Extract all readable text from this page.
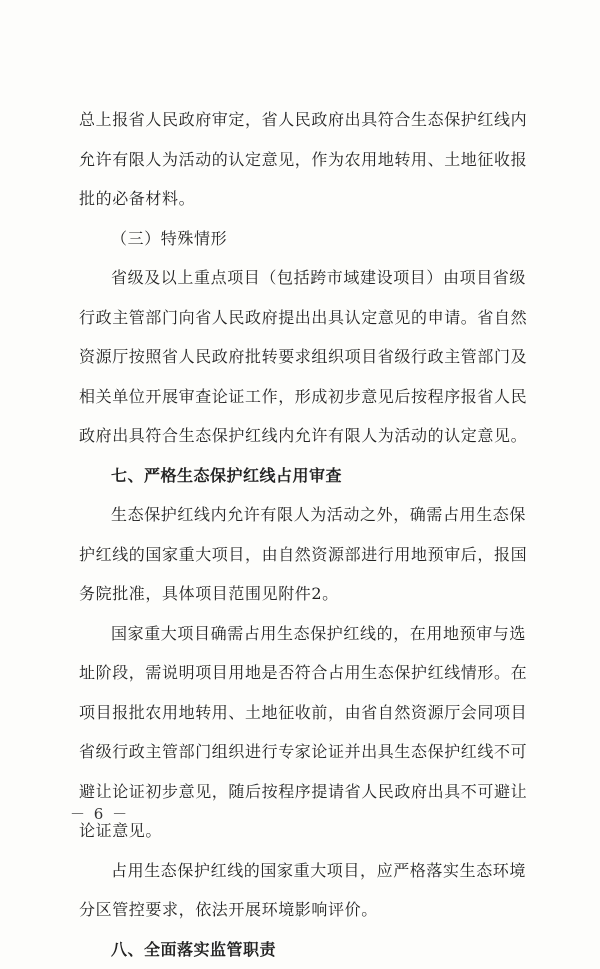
总上报省人民政府审定，省人民政府出具符合生态保护红线内
允许有限人为活动的认定意见，作为农用地转用、土地征收报
批的必备材料。
（三）特殊情形
省级及以上重点项目（包括跨市域建设项目）由项目省级
行政主管部门向省人民政府提出出具认定意见的申请。省自然
资源厅按照省人民政府批转要求组织项目省级行政主管部门及
相关单位开展审查论证工作，形成初步意见后按程序报省人民
政府出具符合生态保护红线内允许有限人为活动的认定意见。
七、严格生态保护红线占用审查
生态保护红线内允许有限人为活动之外，确需占用生态保
护红线的国家重大项目，由自然资源部进行用地预审后，报国
务院批准，具体项目范围见附件2。
国家重大项目确需占用生态保护红线的，在用地预审与选
址阶段，需说明项目用地是否符合占用生态保护红线情形。在
项目报批农用地转用、土地征收前，由省自然资源厅会同项目
省级行政主管部门组织进行专家论证并出具生态保护红线不可
避让论证初步意见，随后按程序提请省人民政府出具不可避让
论证意见。
占用生态保护红线的国家重大项目，应严格落实生态环境
分区管控要求，依法开展环境影响评价。
八、全面落实监管职责
－ 6 －
